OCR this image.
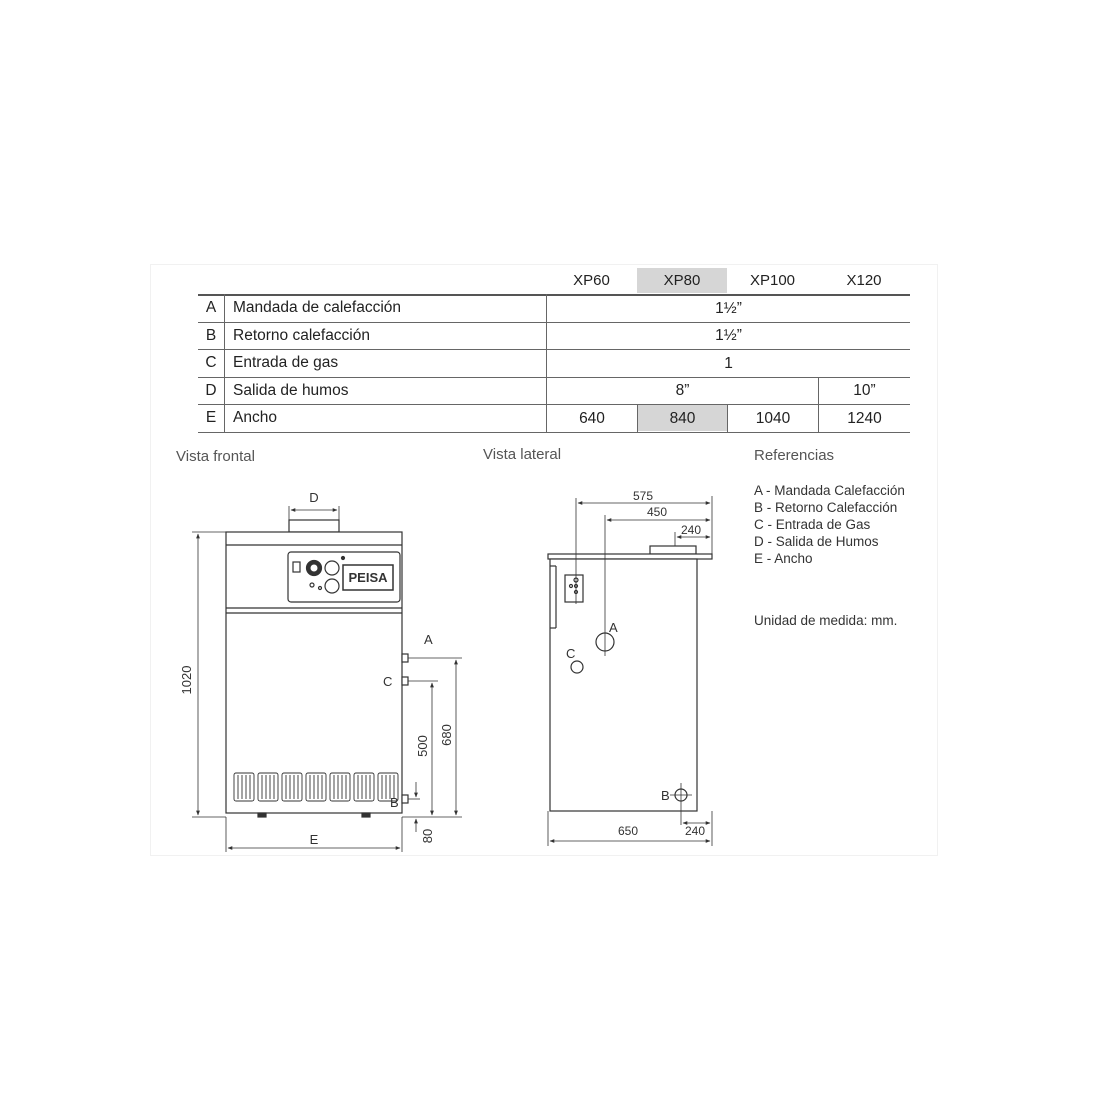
XP60	XP80	XP100	X120
A	Mandada de calefacción	1½”
B	Retorno calefacción	1½”
C	Entrada de gas	1
D	Salida de humos	8”	10”
E	Ancho	640	840	1040	1240
Vista frontal	Vista lateral	Referencias
A - Mandada Calefacción
B - Retorno Calefacción
C - Entrada de Gas
D - Salida de Humos
E - Ancho
Unidad de medida: mm.
A
C
B
D
E
PEISA
1020
680
500
80
575
450
240
650	240
A
C
B
